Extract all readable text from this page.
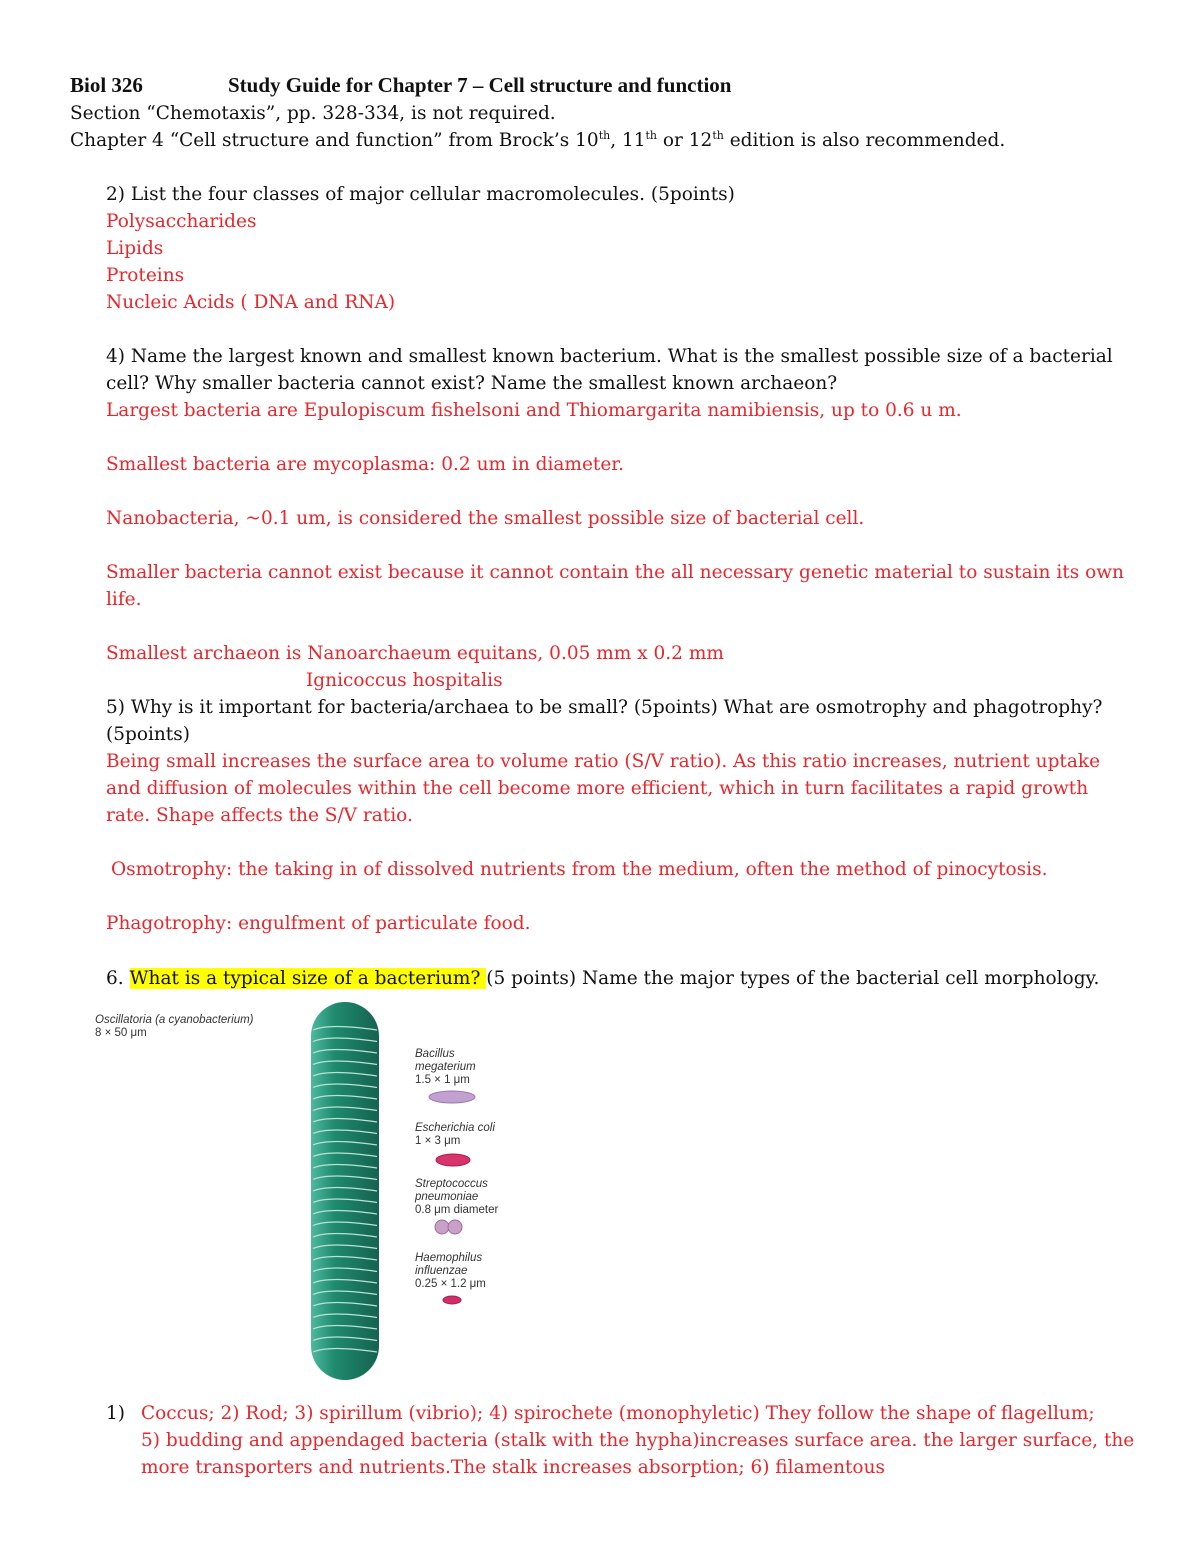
Biol 326	Study Guide for Chapter 7 – Cell structure and function
Section “Chemotaxis”, pp. 328-334, is not required.
Chapter 4 “Cell structure and function” from Brock’s 10th, 11th or 12th edition is also recommended.
2) List the four classes of major cellular macromolecules. (5points)
Polysaccharides
Lipids
Proteins
Nucleic Acids ( DNA and RNA)
4) Name the largest known and smallest known bacterium. What is the smallest possible size of a bacterial
cell? Why smaller bacteria cannot exist? Name the smallest known archaeon?
Largest bacteria are Epulopiscum fishelsoni and Thiomargarita namibiensis, up to 0.6 u m.
Smallest bacteria are mycoplasma: 0.2 um in diameter.
Nanobacteria, ~0.1 um, is considered the smallest possible size of bacterial cell.
Smaller bacteria cannot exist because it cannot contain the all necessary genetic material to sustain its own
life.
Smallest archaeon is Nanoarchaeum equitans, 0.05 mm x 0.2 mm
Ignicoccus hospitalis
5) Why is it important for bacteria/archaea to be small? (5points) What are osmotrophy and phagotrophy?
(5points)
Being small increases the surface area to volume ratio (S/V ratio). As this ratio increases, nutrient uptake
and diffusion of molecules within the cell become more efficient, which in turn facilitates a rapid growth
rate. Shape affects the S/V ratio.
Osmotrophy: the taking in of dissolved nutrients from the medium, often the method of pinocytosis.
Phagotrophy: engulfment of particulate food.
6. What is a typical size of a bacterium? (5 points) Name the major types of the bacterial cell morphology.
Oscillatoria (a cyanobacterium)
8 × 50 μm
Bacillus
megaterium
1.5 × 1 μm
Escherichia coli
1 × 3 μm
Streptococcus
pneumoniae
0.8 μm diameter
Haemophilus
influenzae
0.25 × 1.2 μm
1) Coccus; 2) Rod; 3) spirillum (vibrio); 4) spirochete (monophyletic) They follow the shape of flagellum;
5) budding and appendaged bacteria (stalk with the hypha)increases surface area. the larger surface, the
more transporters and nutrients.The stalk increases absorption; 6) filamentous
